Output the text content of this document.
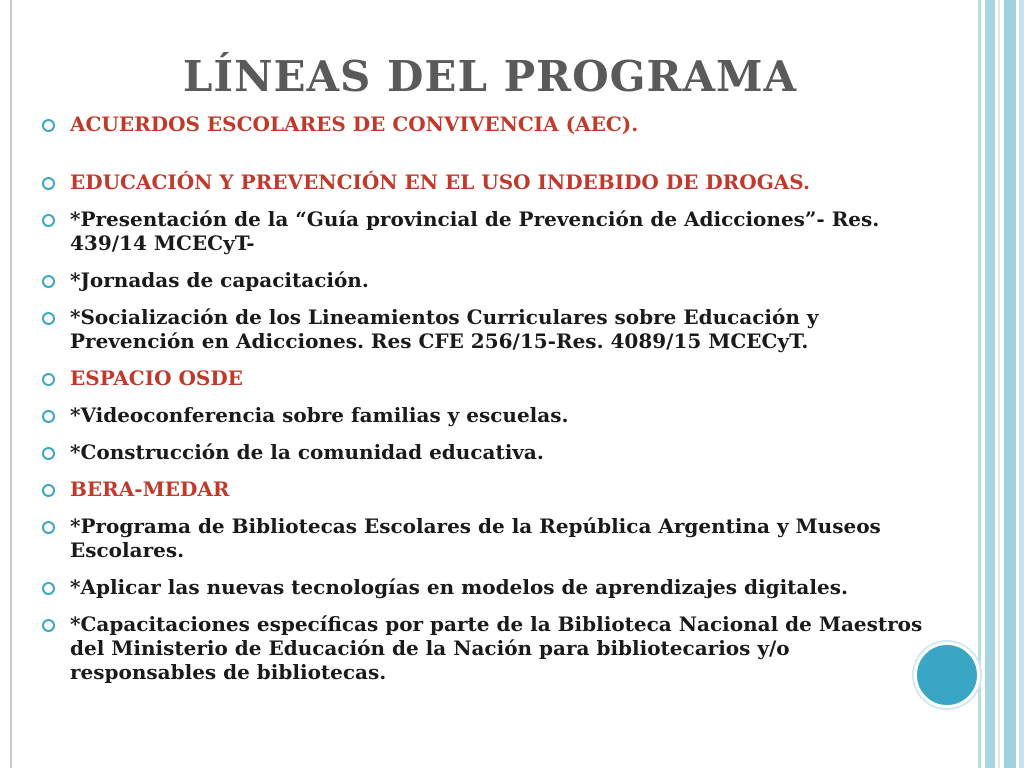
LÍNEAS DEL PROGRAMA
ACUERDOS ESCOLARES DE CONVIVENCIA (AEC).
EDUCACIÓN Y PREVENCIÓN EN EL USO INDEBIDO DE DROGAS.
*Presentación de la “Guía provincial de Prevención de Adicciones”- Res. 439/14 MCECyT-
*Jornadas de capacitación.
*Socialización de los Lineamientos Curriculares sobre Educación y Prevención en Adicciones. Res CFE 256/15-Res. 4089/15 MCECyT.
ESPACIO OSDE
*Videoconferencia sobre familias y escuelas.
*Construcción de la comunidad educativa.
BERA-MEDAR
*Programa de Bibliotecas Escolares de la República Argentina y Museos Escolares.
*Aplicar las nuevas tecnologías en modelos de aprendizajes digitales.
*Capacitaciones específicas por parte de la Biblioteca Nacional de Maestros del Ministerio de Educación de la Nación para bibliotecarios y/o responsables de bibliotecas.
